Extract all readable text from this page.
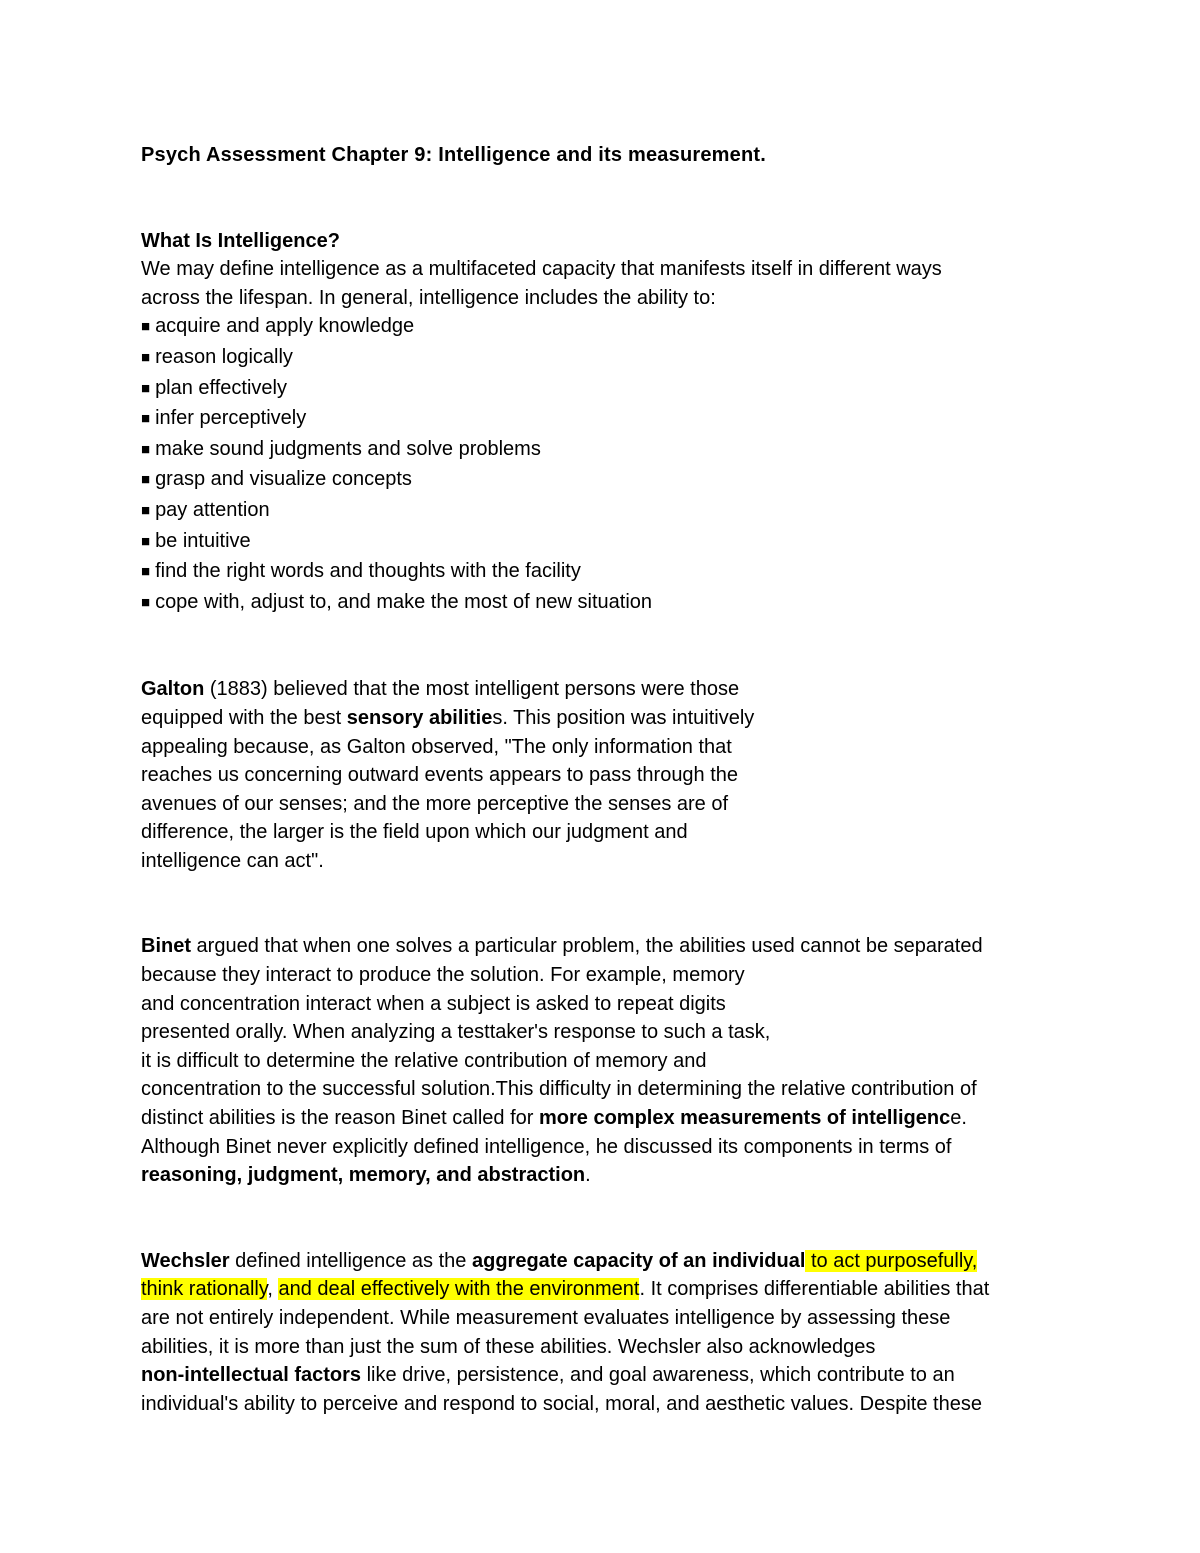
Psych Assessment Chapter 9: Intelligence and its measurement.

What Is Intelligence?
We may define intelligence as a multifaceted capacity that manifests itself in different ways
across the lifespan. In general, intelligence includes the ability to:
■ acquire and apply knowledge
■ reason logically
■ plan effectively
■ infer perceptively
■ make sound judgments and solve problems
■ grasp and visualize concepts
■ pay attention
■ be intuitive
■ find the right words and thoughts with the facility
■ cope with, adjust to, and make the most of new situation
Galton (1883) believed that the most intelligent persons were those
equipped with the best sensory abilities. This position was intuitively
appealing because, as Galton observed, "The only information that
reaches us concerning outward events appears to pass through the
avenues of our senses; and the more perceptive the senses are of
difference, the larger is the field upon which our judgment and
intelligence can act".
Binet argued that when one solves a particular problem, the abilities used cannot be separated
because they interact to produce the solution. For example, memory
and concentration interact when a subject is asked to repeat digits
presented orally. When analyzing a testtaker's response to such a task,
it is difficult to determine the relative contribution of memory and
concentration to the successful solution.This difficulty in determining the relative contribution of
distinct abilities is the reason Binet called for more complex measurements of intelligence.
Although Binet never explicitly defined intelligence, he discussed its components in terms of
reasoning, judgment, memory, and abstraction.
Wechsler defined intelligence as the aggregate capacity of an individual to act purposefully,
think rationally, and deal effectively with the environment. It comprises differentiable abilities that
are not entirely independent. While measurement evaluates intelligence by assessing these
abilities, it is more than just the sum of these abilities. Wechsler also acknowledges
non-intellectual factors like drive, persistence, and goal awareness, which contribute to an
individual's ability to perceive and respond to social, moral, and aesthetic values. Despite these
